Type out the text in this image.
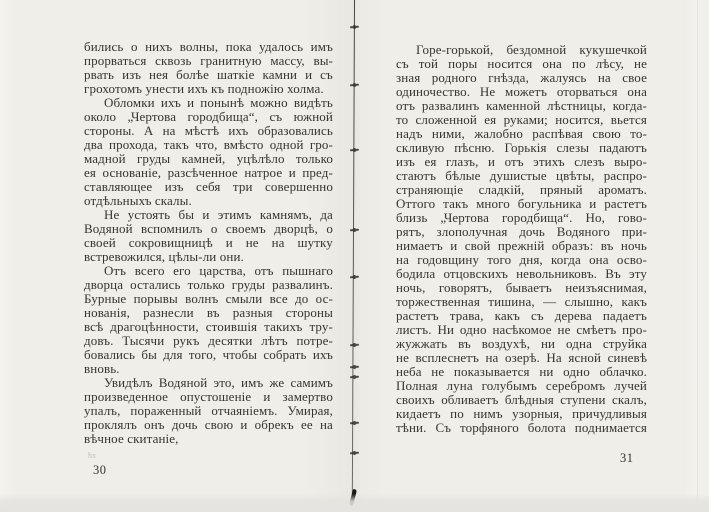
бились о нихъ волны, пока удалось имъ
прорваться сквозь гранитную массу, вы-
рвать изъ нея болѣе шаткіе камни и съ
грохотомъ унести ихъ къ подножію холма.
Обломки ихъ и понынѣ можно видѣть
около „Чертова городбища“, съ южной
стороны. А на мѣстѣ ихъ образовались
два прохода, такъ что, вмѣсто одной гро-
мадной груды камней, уцѣлѣло только
ея основаніе, разсѣченное натрое и пред-
ставляющее изъ себя три совершенно
отдѣльныхъ скалы.
Не устоять бы и этимъ камнямъ, да
Водяной вспомнилъ о своемъ дворцѣ, о
своей сокровищницѣ и не на шутку
встревожился, цѣлы-ли они.
Отъ всего его царства, отъ пышнаго
дворца остались только груды развалинъ.
Бурные порывы волнъ смыли все до ос-
нованія, разнесли въ разныя стороны
всѣ драгоцѣнности, стоившія такихъ тру-
довъ. Тысячи рукъ десятки лѣтъ потре-
бовались бы для того, чтобы собрать ихъ
вновь.
Увидѣлъ Водяной это, имъ же самимъ
произведенное опустошеніе и замертво
упалъ, пораженный отчаяніемъ. Умирая,
проклялъ онъ дочь свою и обрекъ ее на
вѣчное скитаніе,
Горе-горькой, бездомной кукушечкой
съ той поры носится она по лѣсу, не
зная родного гнѣзда, жалуясь на свое
одиночество. Не можетъ оторваться она
отъ развалинъ каменной лѣстницы, когда-
то сложенной ея руками; носится, вьется
надъ ними, жалобно распѣвая свою то-
скливую пѣсню. Горькія слезы падаютъ
изъ ея глазъ, и отъ этихъ слезъ выро-
стаютъ бѣлые душистые цвѣты, распро-
страняющіе сладкій, пряный ароматъ.
Оттого такъ много богульника и растетъ
близь „Чертова городбища“. Но, гово-
рятъ, злополучная дочь Водяного при-
нимаетъ и свой прежній образъ: въ ночь
на годовщину того дня, когда она осво-
бодила отцовскихъ невольниковъ. Въ эту
ночь, говорятъ, бываетъ неизъяснимая,
торжественная тишина, — слышно, какъ
растетъ трава, какъ съ дерева падаетъ
листъ. Ни одно насѣкомое не смѣетъ про-
жужжать въ воздухѣ, ни одна струйка
не всплеснетъ на озерѣ. На ясной синевѣ
неба не показывается ни одно облачко.
Полная луна голубымъ серебромъ лучей
своихъ обливаетъ блѣдныя ступени скалъ,
кидаетъ по нимъ узорныя, причудливыя
тѣни. Съ торфяного болота поднимается
30
31
ћх
